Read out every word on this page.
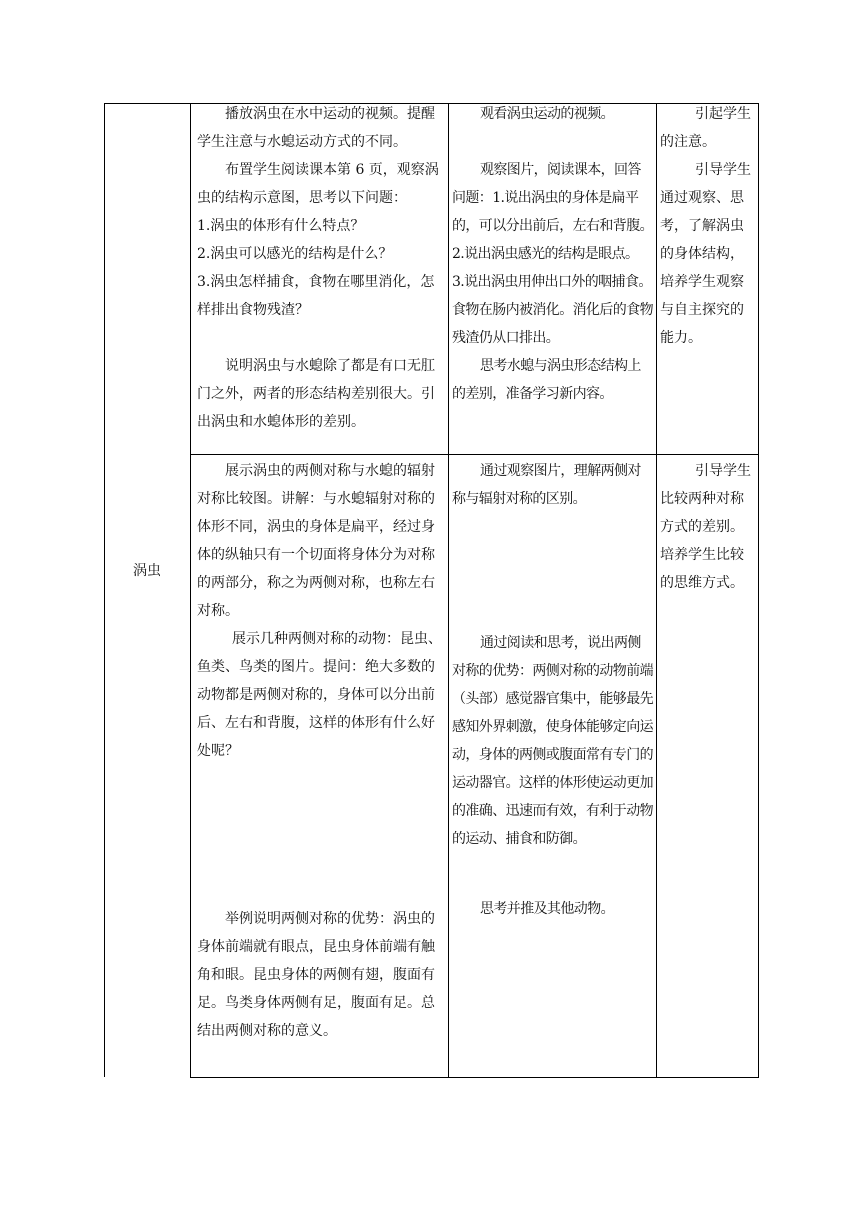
涡虫

播放涡虫在水中运动的视频。提醒学生注意与水螅运动方式的不同。

布置学生阅读课本第 6 页，观察涡虫的结构示意图，思考以下问题：

1.涡虫的体形有什么特点？

2.涡虫可以感光的结构是什么？

3.涡虫怎样捕食，食物在哪里消化，怎样排出食物残渣？

说明涡虫与水螅除了都是有口无肛门之外，两者的形态结构差别很大。引出涡虫和水螅体形的差别。

观看涡虫运动的视频。

观察图片，阅读课本，回答问题：1.说出涡虫的身体是扁平的，可以分出前后，左右和背腹。2.说出涡虫感光的结构是眼点。

3.说出涡虫用伸出口外的咽捕食。食物在肠内被消化。消化后的食物残渣仍从口排出。

思考水螅与涡虫形态结构上的差别，准备学习新内容。

引起学生的注意。

引导学生通过观察、思考，了解涡虫的身体结构，培养学生观察与自主探究的能力。

展示涡虫的两侧对称与水螅的辐射对称比较图。讲解：与水螅辐射对称的体形不同，涡虫的身体是扁平，经过身体的纵轴只有一个切面将身体分为对称的两部分，称之为两侧对称，也称左右对称。

展示几种两侧对称的动物：昆虫、鱼类、鸟类的图片。提问：绝大多数的动物都是两侧对称的，身体可以分出前后、左右和背腹，这样的体形有什么好处呢？

举例说明两侧对称的优势：涡虫的身体前端就有眼点，昆虫身体前端有触角和眼。昆虫身体的两侧有翅，腹面有足。鸟类身体两侧有足，腹面有足。总结出两侧对称的意义。

通过观察图片，理解两侧对称与辐射对称的区别。

通过阅读和思考，说出两侧对称的优势：两侧对称的动物前端（头部）感觉器官集中，能够最先感知外界刺激，使身体能够定向运动，身体的两侧或腹面常有专门的运动器官。这样的体形使运动更加的准确、迅速而有效，有利于动物的运动、捕食和防御。

思考并推及其他动物。

引导学生比较两种对称方式的差别。培养学生比较的思维方式。
